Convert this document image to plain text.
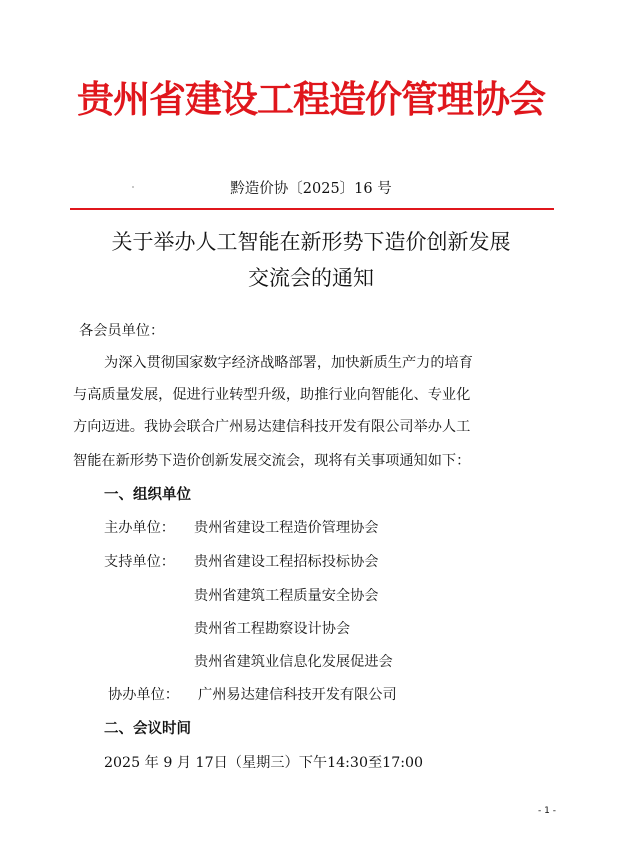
贵州省建设工程造价管理协会
黔造价协〔2025〕16 号
关于举办人工智能在新形势下造价创新发展
交流会的通知
各会员单位：
为深入贯彻国家数字经济战略部署，加快新质生产力的培育
与高质量发展，促进行业转型升级，助推行业向智能化、专业化
方向迈进。我协会联合广州易达建信科技开发有限公司举办人工
智能在新形势下造价创新发展交流会，现将有关事项通知如下：
一、组织单位
主办单位： 贵州省建设工程造价管理协会
支持单位： 贵州省建设工程招标投标协会
贵州省建筑工程质量安全协会
贵州省工程勘察设计协会
贵州省建筑业信息化发展促进会
协办单位： 广州易达建信科技开发有限公司
二、会议时间
2025 年 9 月 17日（星期三）下午14:30至17:00
- 1 -
